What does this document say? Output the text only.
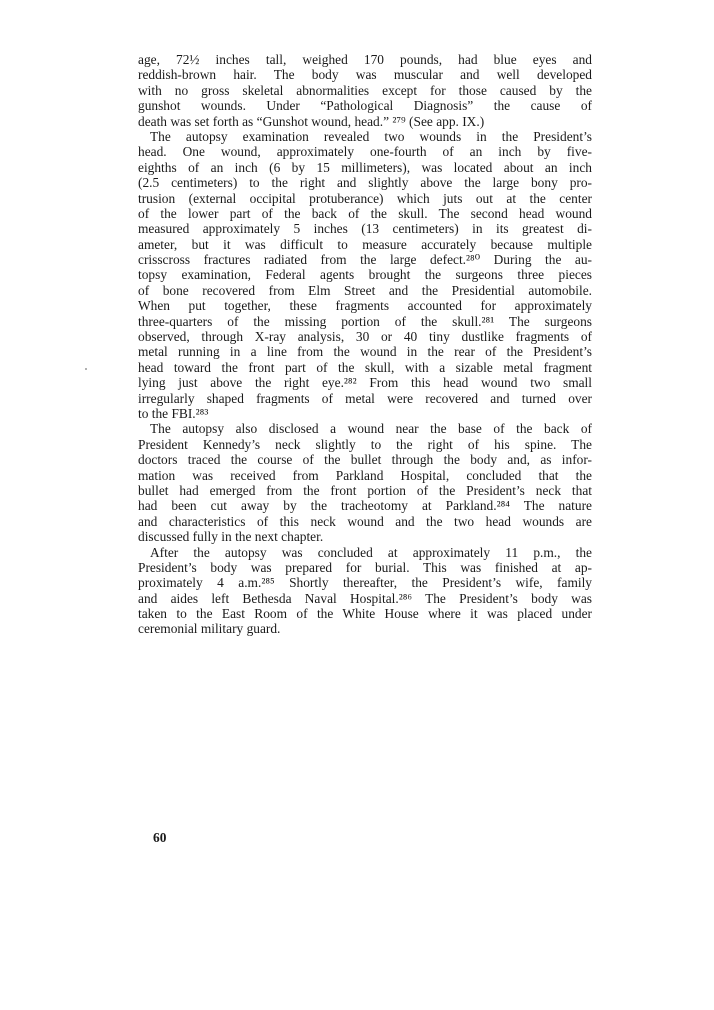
age, 72½ inches tall, weighed 170 pounds, had blue eyes and
reddish-brown hair. The body was muscular and well developed
with no gross skeletal abnormalities except for those caused by the
gunshot wounds. Under “Pathological Diagnosis” the cause of
death was set forth as “Gunshot wound, head.” ²⁷⁹ (See app. IX.)
The autopsy examination revealed two wounds in the President’s
head. One wound, approximately one-fourth of an inch by five-
eighths of an inch (6 by 15 millimeters), was located about an inch
(2.5 centimeters) to the right and slightly above the large bony pro-
trusion (external occipital protuberance) which juts out at the center
of the lower part of the back of the skull. The second head wound
measured approximately 5 inches (13 centimeters) in its greatest di-
ameter, but it was difficult to measure accurately because multiple
crisscross fractures radiated from the large defect.²⁸⁰ During the au-
topsy examination, Federal agents brought the surgeons three pieces
of bone recovered from Elm Street and the Presidential automobile.
When put together, these fragments accounted for approximately
three-quarters of the missing portion of the skull.²⁸¹ The surgeons
observed, through X-ray analysis, 30 or 40 tiny dustlike fragments of
metal running in a line from the wound in the rear of the President’s
head toward the front part of the skull, with a sizable metal fragment
lying just above the right eye.²⁸² From this head wound two small
irregularly shaped fragments of metal were recovered and turned over
to the FBI.²⁸³
The autopsy also disclosed a wound near the base of the back of
President Kennedy’s neck slightly to the right of his spine. The
doctors traced the course of the bullet through the body and, as infor-
mation was received from Parkland Hospital, concluded that the
bullet had emerged from the front portion of the President’s neck that
had been cut away by the tracheotomy at Parkland.²⁸⁴ The nature
and characteristics of this neck wound and the two head wounds are
discussed fully in the next chapter.
After the autopsy was concluded at approximately 11 p.m., the
President’s body was prepared for burial. This was finished at ap-
proximately 4 a.m.²⁸⁵ Shortly thereafter, the President’s wife, family
and aides left Bethesda Naval Hospital.²⁸⁶ The President’s body was
taken to the East Room of the White House where it was placed under
ceremonial military guard.
60
